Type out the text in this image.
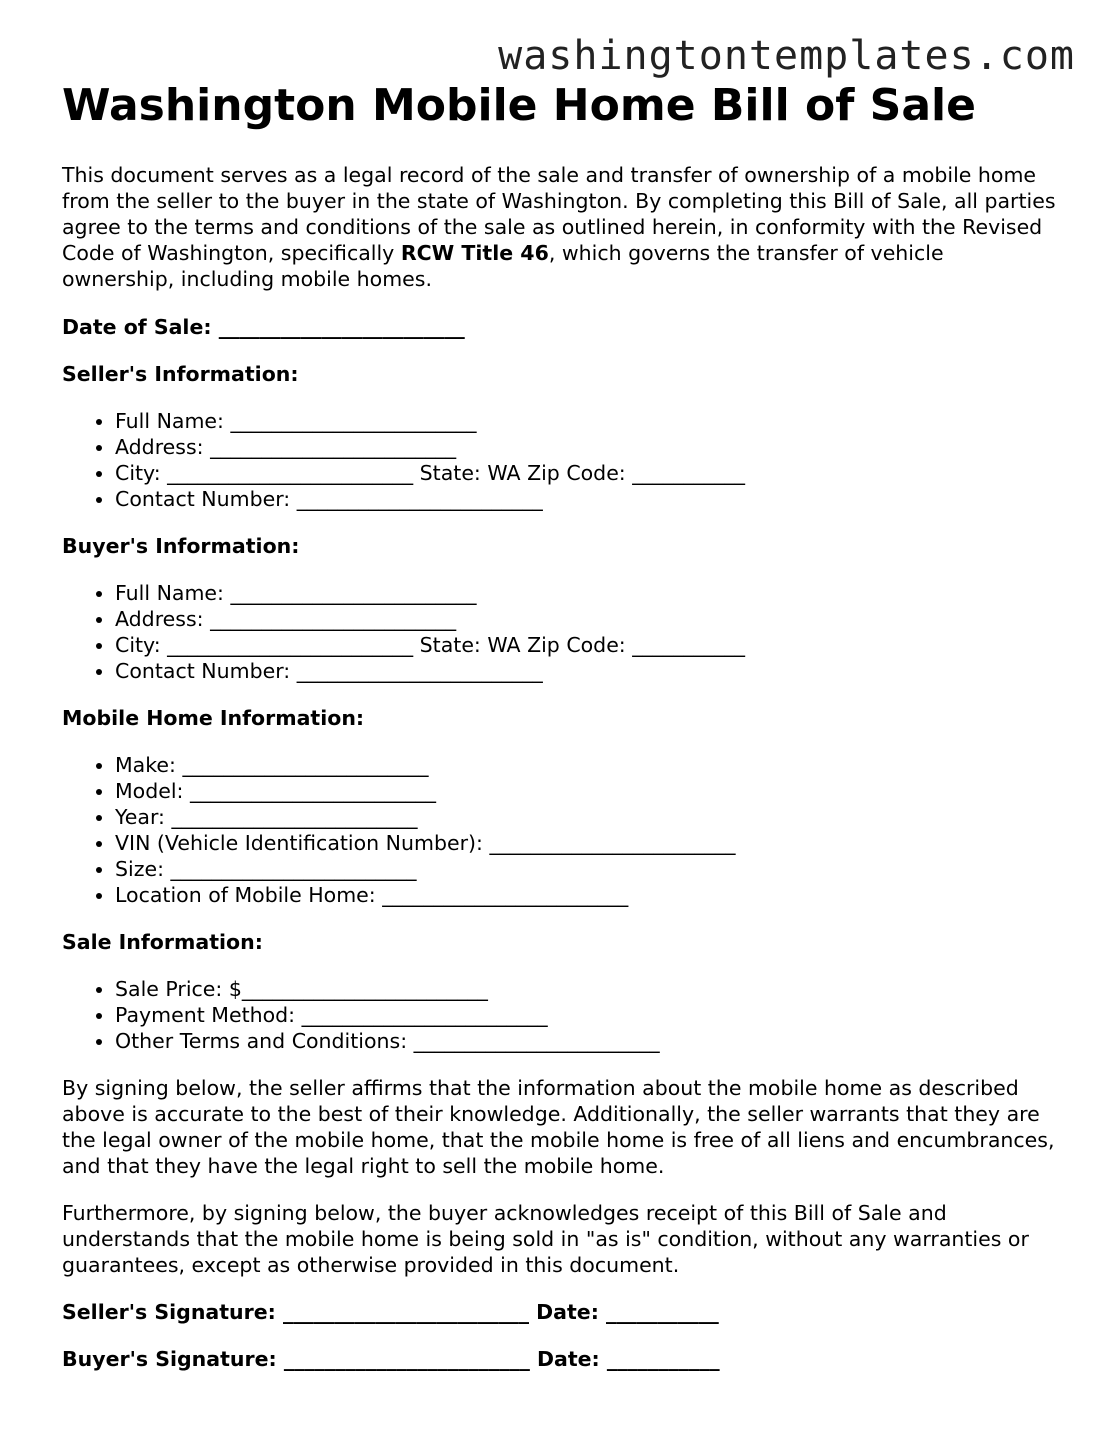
washingtontemplates.com
Washington Mobile Home Bill of Sale

This document serves as a legal record of the sale and transfer of ownership of a mobile home from the seller to the buyer in the state of Washington. By completing this Bill of Sale, all parties agree to the terms and conditions of the sale as outlined herein, in conformity with the Revised Code of Washington, specifically RCW Title 46, which governs the transfer of vehicle ownership, including mobile homes.

Date of Sale: ________________________
Seller's Information:
• Full Name: ________________________
• Address: ________________________
• City: ________________________ State: WA Zip Code: ___________
• Contact Number: ________________________
Buyer's Information:
• Full Name: ________________________
• Address: ________________________
• City: ________________________ State: WA Zip Code: ___________
• Contact Number: ________________________
Mobile Home Information:
• Make: ________________________
• Model: ________________________
• Year: ________________________
• VIN (Vehicle Identification Number): ________________________
• Size: ________________________
• Location of Mobile Home: ________________________
Sale Information:
• Sale Price: $________________________
• Payment Method: ________________________
• Other Terms and Conditions: ________________________

By signing below, the seller affirms that the information about the mobile home as described above is accurate to the best of their knowledge. Additionally, the seller warrants that they are the legal owner of the mobile home, that the mobile home is free of all liens and encumbrances, and that they have the legal right to sell the mobile home.

Furthermore, by signing below, the buyer acknowledges receipt of this Bill of Sale and understands that the mobile home is being sold in "as is" condition, without any warranties or guarantees, except as otherwise provided in this document.

Seller's Signature: ________________________ Date: ___________
Buyer's Signature: ________________________ Date: ___________
